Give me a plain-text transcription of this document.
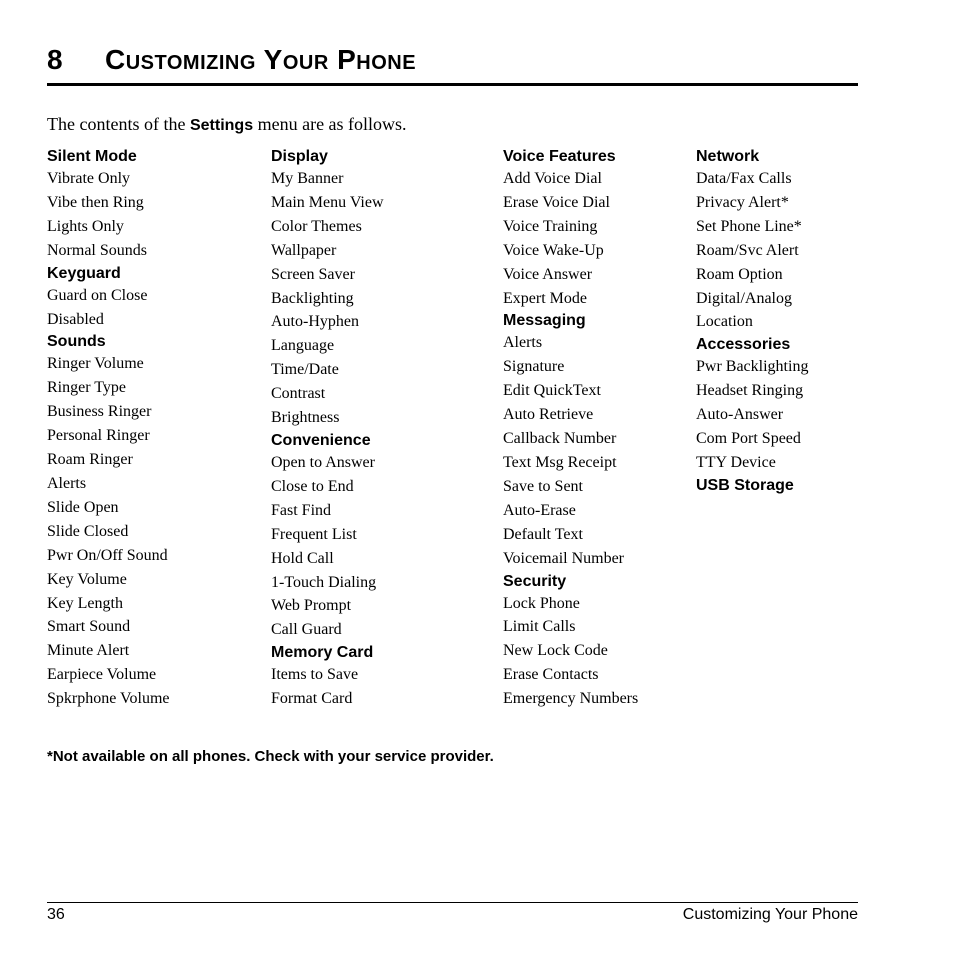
8 Customizing Your Phone
The contents of the Settings menu are as follows.
Silent Mode
Vibrate Only
Vibe then Ring
Lights Only
Normal Sounds
Keyguard
Guard on Close
Disabled
Sounds
Ringer Volume
Ringer Type
Business Ringer
Personal Ringer
Roam Ringer
Alerts
Slide Open
Slide Closed
Pwr On/Off Sound
Key Volume
Key Length
Smart Sound
Minute Alert
Earpiece Volume
Spkrphone Volume
Display
My Banner
Main Menu View
Color Themes
Wallpaper
Screen Saver
Backlighting
Auto-Hyphen
Language
Time/Date
Contrast
Brightness
Convenience
Open to Answer
Close to End
Fast Find
Frequent List
Hold Call
1-Touch Dialing
Web Prompt
Call Guard
Memory Card
Items to Save
Format Card
Voice Features
Add Voice Dial
Erase Voice Dial
Voice Training
Voice Wake-Up
Voice Answer
Expert Mode
Messaging
Alerts
Signature
Edit QuickText
Auto Retrieve
Callback Number
Text Msg Receipt
Save to Sent
Auto-Erase
Default Text
Voicemail Number
Security
Lock Phone
Limit Calls
New Lock Code
Erase Contacts
Emergency Numbers
Network
Data/Fax Calls
Privacy Alert*
Set Phone Line*
Roam/Svc Alert
Roam Option
Digital/Analog
Location
Accessories
Pwr Backlighting
Headset Ringing
Auto-Answer
Com Port Speed
TTY Device
USB Storage
*Not available on all phones. Check with your service provider.
36	Customizing Your Phone
